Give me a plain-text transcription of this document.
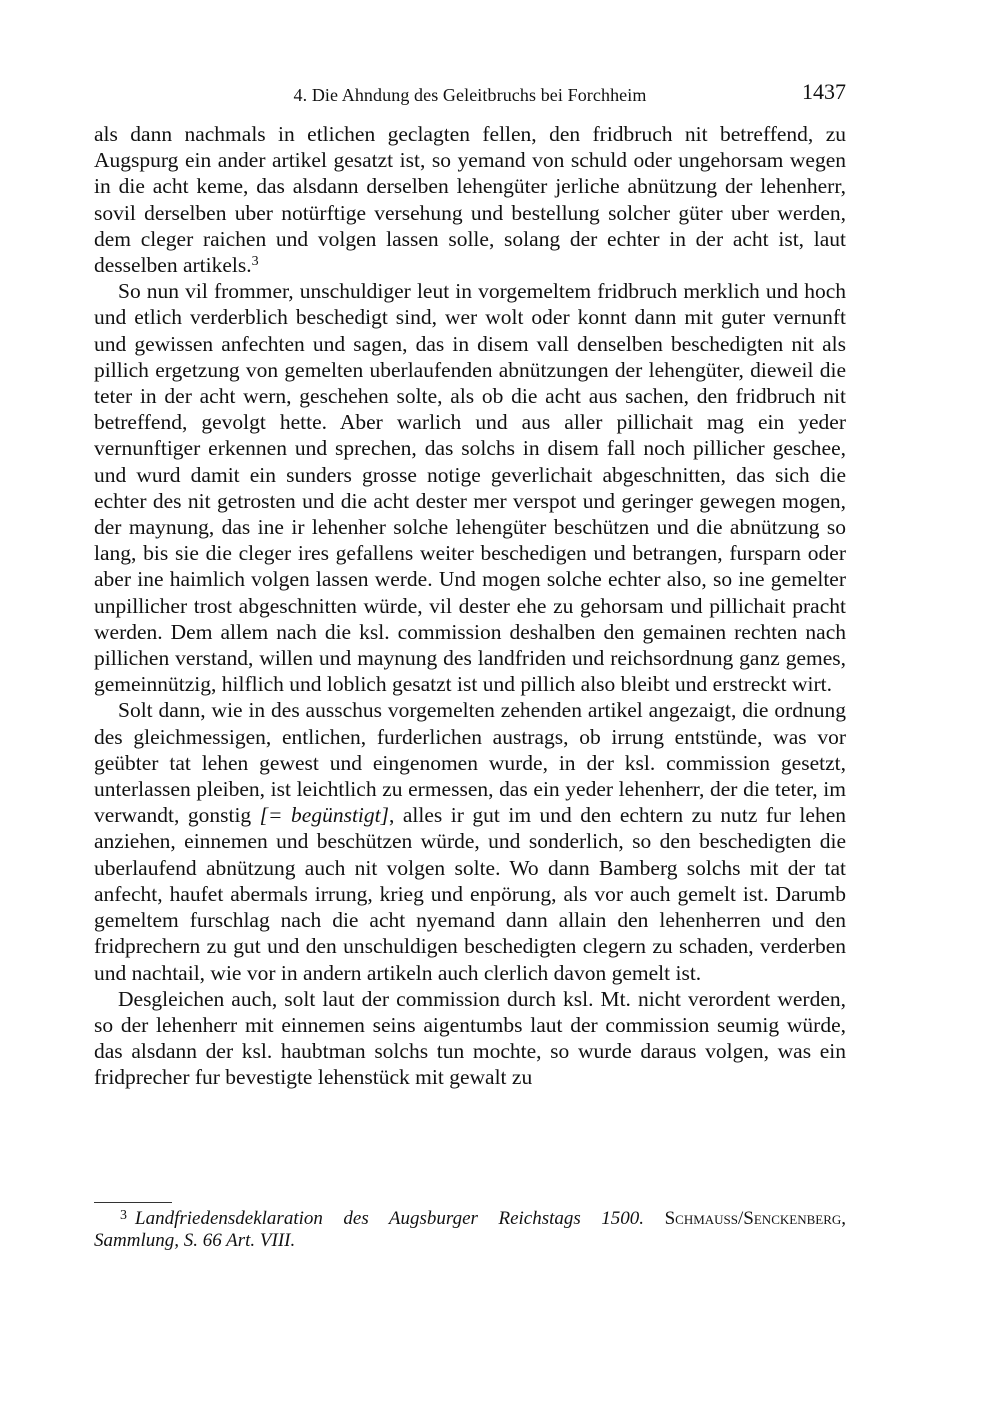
4. Die Ahndung des Geleitbruchs bei Forchheim	1437

als dann nachmals in etlichen geclagten fellen, den fridbruch nit betreffend, zu Augspurg ein ander artikel gesatzt ist, so yemand von schuld oder ungehorsam wegen in die acht keme, das alsdann derselben lehengüter jerliche abnützung der lehenherr, sovil derselben uber notürftige versehung und bestellung solcher güter uber werden, dem cleger raichen und volgen lassen solle, solang der echter in der acht ist, laut desselben artikels.$^3$

So nun vil frommer, unschuldiger leut in vorgemeltem fridbruch merklich und hoch und etlich verderblich beschedigt sind, wer wolt oder konnt dann mit guter vernunft und gewissen anfechten und sagen, das in disem vall denselben beschedigten nit als pillich ergetzung von gemelten uberlaufenden abnützungen der lehengüter, dieweil die teter in der acht wern, geschehen solte, als ob die acht aus sachen, den fridbruch nit betreffend, gevolgt hette. Aber warlich und aus aller pillichait mag ein yeder vernunftiger erkennen und sprechen, das solchs in disem fall noch pillicher geschee, und wurd damit ein sunders grosse notige geverlichait abgeschnitten, das sich die echter des nit getrosten und die acht dester mer verspot und geringer gewegen mogen, der maynung, das ine ir lehenher solche lehengüter beschützen und die abnützung so lang, bis sie die cleger ires gefallens weiter beschedigen und betrangen, fursparn oder aber ine haimlich volgen lassen werde. Und mogen solche echter also, so ine gemelter unpillicher trost abgeschnitten würde, vil dester ehe zu gehorsam und pillichait pracht werden. Dem allem nach die ksl. commission deshalben den gemainen rechten nach pillichen verstand, willen und maynung des landfriden und reichsordnung ganz gemes, gemeinnützig, hilflich und loblich gesatzt ist und pillich also bleibt und erstreckt wirt.

Solt dann, wie in des ausschus vorgemelten zehenden artikel angezaigt, die ordnung des gleichmessigen, entlichen, furderlichen austrags, ob irrung entstünde, was vor geübter tat lehen gewest und eingenomen wurde, in der ksl. commission gesetzt, unterlassen pleiben, ist leichtlich zu ermessen, das ein yeder lehenherr, der die teter, im verwandt, gonstig [= begünstigt], alles ir gut im und den echtern zu nutz fur lehen anziehen, einnemen und beschützen würde, und sonderlich, so den beschedigten die uberlaufend abnützung auch nit volgen solte. Wo dann Bamberg solchs mit der tat anfecht, haufet abermals irrung, krieg und enpörung, als vor auch gemelt ist. Darumb gemeltem furschlag nach die acht nyemand dann allain den lehenherren und den fridprechern zu gut und den unschuldigen beschedigten clegern zu schaden, verderben und nachtail, wie vor in andern artikeln auch clerlich davon gemelt ist.

Desgleichen auch, solt laut der commission durch ksl. Mt. nicht verordent werden, so der lehenherr mit einnemen seins aigentumbs laut der commission seumig würde, das alsdann der ksl. haubtman solchs tun mochte, so wurde daraus volgen, was ein fridprecher fur bevestigte lehenstück mit gewalt zu

$^3$ Landfriedensdeklaration des Augsburger Reichstags 1500. Schmauss/Senckenberg, Sammlung, S. 66 Art. VIII.
